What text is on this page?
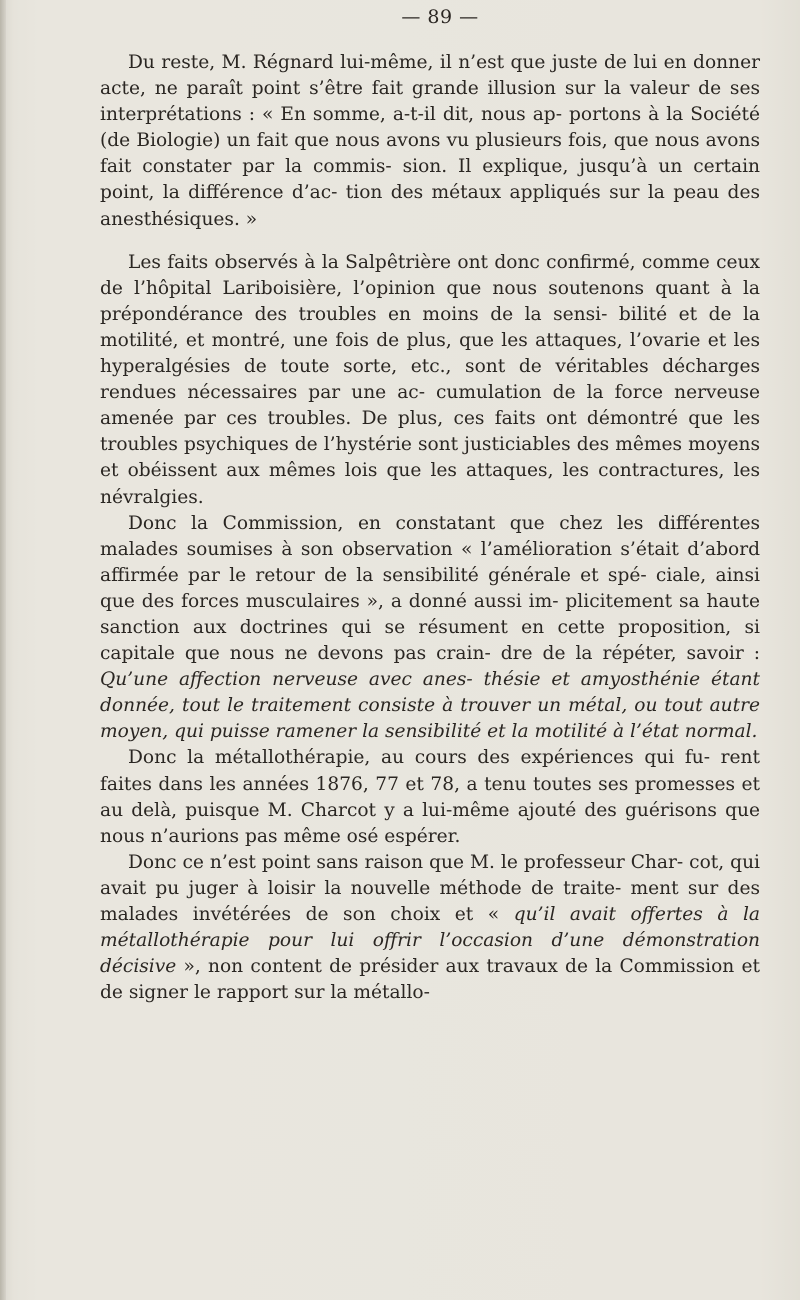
— 89 —

Du reste, M. Régnard lui-même, il n’est que juste de lui en donner acte, ne paraît point s’être fait grande illusion sur la valeur de ses interprétations : « En somme, a-t-il dit, nous ap- portons à la Société (de Biologie) un fait que nous avons vu plusieurs fois, que nous avons fait constater par la commis- sion. Il explique, jusqu’à un certain point, la différence d’ac- tion des métaux appliqués sur la peau des anesthésiques. »

Les faits observés à la Salpêtrière ont donc confirmé, comme ceux de l’hôpital Lariboisière, l’opinion que nous soutenons quant à la prépondérance des troubles en moins de la sensi- bilité et de la motilité, et montré, une fois de plus, que les attaques, l’ovarie et les hyperalgésies de toute sorte, etc., sont de véritables décharges rendues nécessaires par une ac- cumulation de la force nerveuse amenée par ces troubles. De plus, ces faits ont démontré que les troubles psychiques de l’hystérie sont justiciables des mêmes moyens et obéissent aux mêmes lois que les attaques, les contractures, les névralgies.

Donc la Commission, en constatant que chez les différentes malades soumises à son observation « l’amélioration s’était d’abord affirmée par le retour de la sensibilité générale et spé- ciale, ainsi que des forces musculaires », a donné aussi im- plicitement sa haute sanction aux doctrines qui se résument en cette proposition, si capitale que nous ne devons pas crain- dre de la répéter, savoir : Qu’une affection nerveuse avec anes- thésie et amyosthénie étant donnée, tout le traitement consiste à trouver un métal, ou tout autre moyen, qui puisse ramener la sensibilité et la motilité à l’état normal.

Donc la métallothérapie, au cours des expériences qui fu- rent faites dans les années 1876, 77 et 78, a tenu toutes ses promesses et au delà, puisque M. Charcot y a lui-même ajouté des guérisons que nous n’aurions pas même osé espérer.

Donc ce n’est point sans raison que M. le professeur Char- cot, qui avait pu juger à loisir la nouvelle méthode de traite- ment sur des malades invétérées de son choix et « qu’il avait offertes à la métallothérapie pour lui offrir l’occasion d’une démonstration décisive », non content de présider aux travaux de la Commission et de signer le rapport sur la métallo-
